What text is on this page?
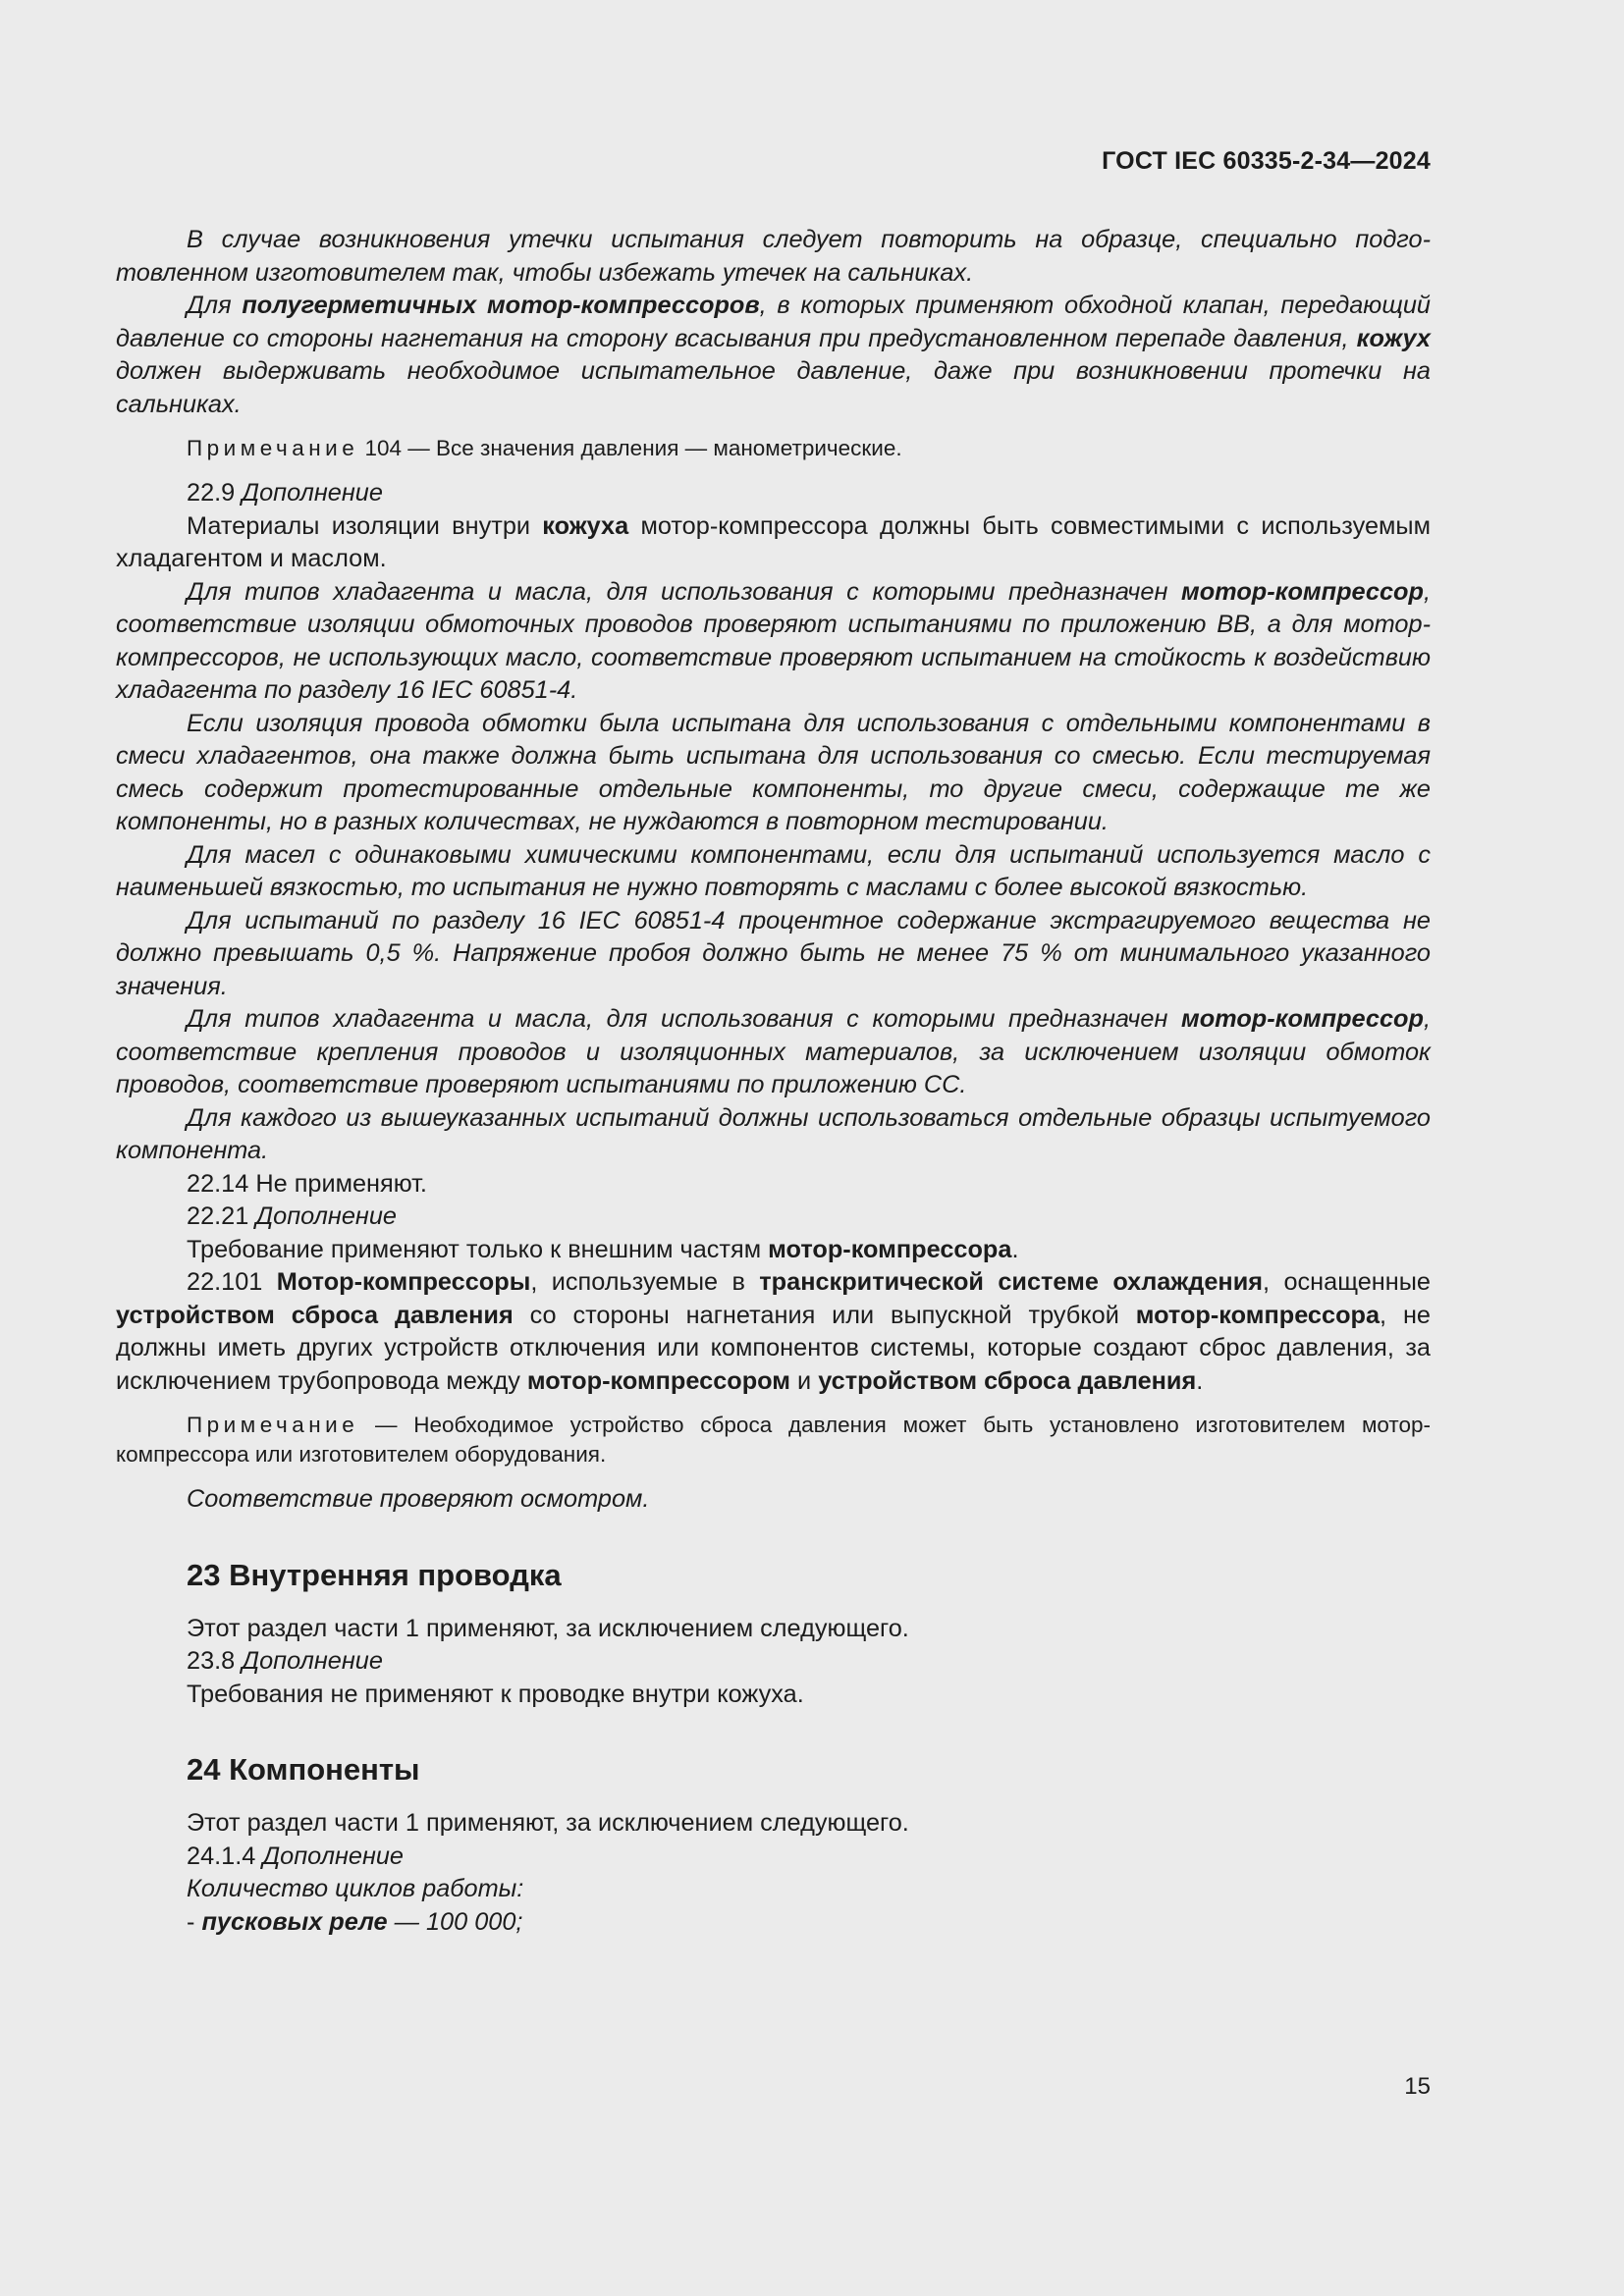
ГОСТ IEC 60335-2-34—2024

В случае возникновения утечки испытания следует повторить на образце, специально подготовленном изготовителем так, чтобы избежать утечек на сальниках.

Для полугерметичных мотор-компрессоров, в которых применяют обходной клапан, передающий давление со стороны нагнетания на сторону всасывания при предустановленном перепаде давления, кожух должен выдерживать необходимое испытательное давление, даже при возникновении протечки на сальниках.

Примечание 104 — Все значения давления — манометрические.

22.9 Дополнение

Материалы изоляции внутри кожуха мотор-компрессора должны быть совместимыми с используемым хладагентом и маслом.

Для типов хладагента и масла, для использования с которыми предназначен мотор-компрессор, соответствие изоляции обмоточных проводов проверяют испытаниями по приложению ВВ, а для мотор-компрессоров, не использующих масло, соответствие проверяют испытанием на стойкость к воздействию хладагента по разделу 16 IEC 60851-4.

Если изоляция провода обмотки была испытана для использования с отдельными компонентами в смеси хладагентов, она также должна быть испытана для использования со смесью. Если тестируемая смесь содержит протестированные отдельные компоненты, то другие смеси, содержащие те же компоненты, но в разных количествах, не нуждаются в повторном тестировании.

Для масел с одинаковыми химическими компонентами, если для испытаний используется масло с наименьшей вязкостью, то испытания не нужно повторять с маслами с более высокой вязкостью.

Для испытаний по разделу 16 IEC 60851-4 процентное содержание экстрагируемого вещества не должно превышать 0,5 %. Напряжение пробоя должно быть не менее 75 % от минимального указанного значения.

Для типов хладагента и масла, для использования с которыми предназначен мотор-компрессор, соответствие крепления проводов и изоляционных материалов, за исключением изоляции обмоток проводов, соответствие проверяют испытаниями по приложению СС.

Для каждого из вышеуказанных испытаний должны использоваться отдельные образцы испытуемого компонента.

22.14 Не применяют.

22.21 Дополнение

Требование применяют только к внешним частям мотор-компрессора.

22.101 Мотор-компрессоры, используемые в транскритической системе охлаждения, оснащенные устройством сброса давления со стороны нагнетания или выпускной трубкой мотор-компрессора, не должны иметь других устройств отключения или компонентов системы, которые создают сброс давления, за исключением трубопровода между мотор-компрессором и устройством сброса давления.

Примечание — Необходимое устройство сброса давления может быть установлено изготовителем мотор-компрессора или изготовителем оборудования.

Соответствие проверяют осмотром.

23 Внутренняя проводка

Этот раздел части 1 применяют, за исключением следующего.

23.8 Дополнение

Требования не применяют к проводке внутри кожуха.

24 Компоненты

Этот раздел части 1 применяют, за исключением следующего.

24.1.4 Дополнение

Количество циклов работы:

- пусковых реле — 100 000;

15
